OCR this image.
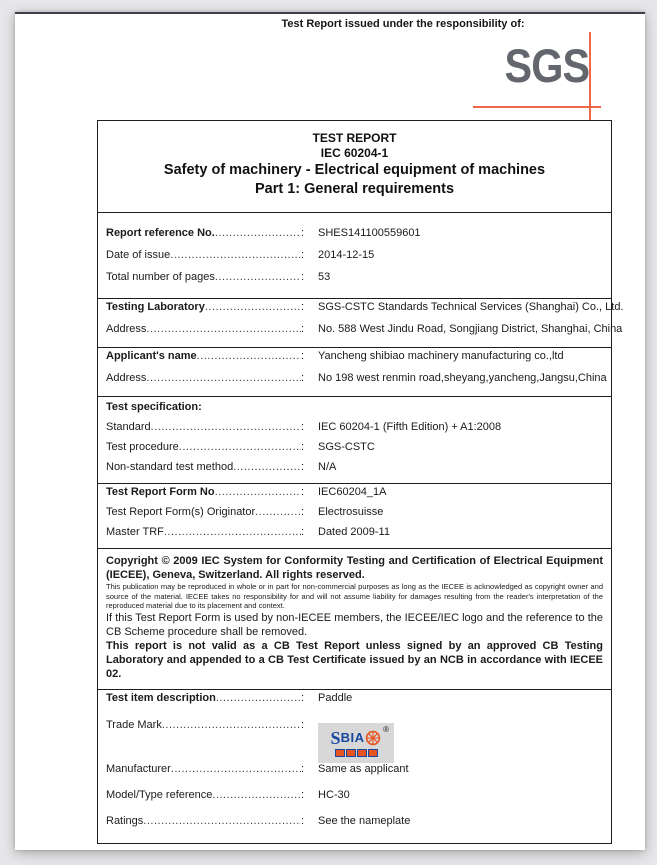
Test Report issued under the responsibility of:
SGS
TEST REPORT
IEC 60204-1
Safety of machinery - Electrical equipment of machines
Part 1: General requirements
Report reference No. ..... :	SHES141100559601
Date of issue ..... :	2014-12-15
Total number of pages ..... :	53
Testing Laboratory ..... :	SGS-CSTC Standards Technical Services (Shanghai) Co., Ltd.
Address ..... :	No. 588 West Jindu Road, Songjiang District, Shanghai, China
Applicant's name ..... :	Yancheng shibiao machinery manufacturing co.,ltd
Address ..... :	No 198 west renmin road,sheyang,yancheng,Jangsu,China
Test specification:
Standard ..... :	IEC 60204-1 (Fifth Edition) + A1:2008
Test procedure ..... :	SGS-CSTC
Non-standard test method ..... :	N/A
Test Report Form No ..... :	IEC60204_1A
Test Report Form(s) Originator ..... :	Electrosuisse
Master TRF ..... :	Dated 2009-11

Copyright © 2009 IEC System for Conformity Testing and Certification of Electrical Equipment (IECEE), Geneva, Switzerland. All rights reserved.

This publication may be reproduced in whole or in part for non-commercial purposes as long as the IECEE is acknowledged as copyright owner and source of the material. IECEE takes no responsibility for and will not assume liability for damages resulting from the reader's interpretation of the reproduced material due to its placement and context.

If this Test Report Form is used by non-IECEE members, the IECEE/IEC logo and the reference to the CB Scheme procedure shall be removed.

This report is not valid as a CB Test Report unless signed by an approved CB Testing Laboratory and appended to a CB Test Certificate issued by an NCB in accordance with IECEE 02.

Test item description ..... :	Paddle
Trade Mark ..... :	®
S BIA
Manufacturer ..... :	Same as applicant
Model/Type reference ..... :	HC-30
Ratings ..... :	See the nameplate
